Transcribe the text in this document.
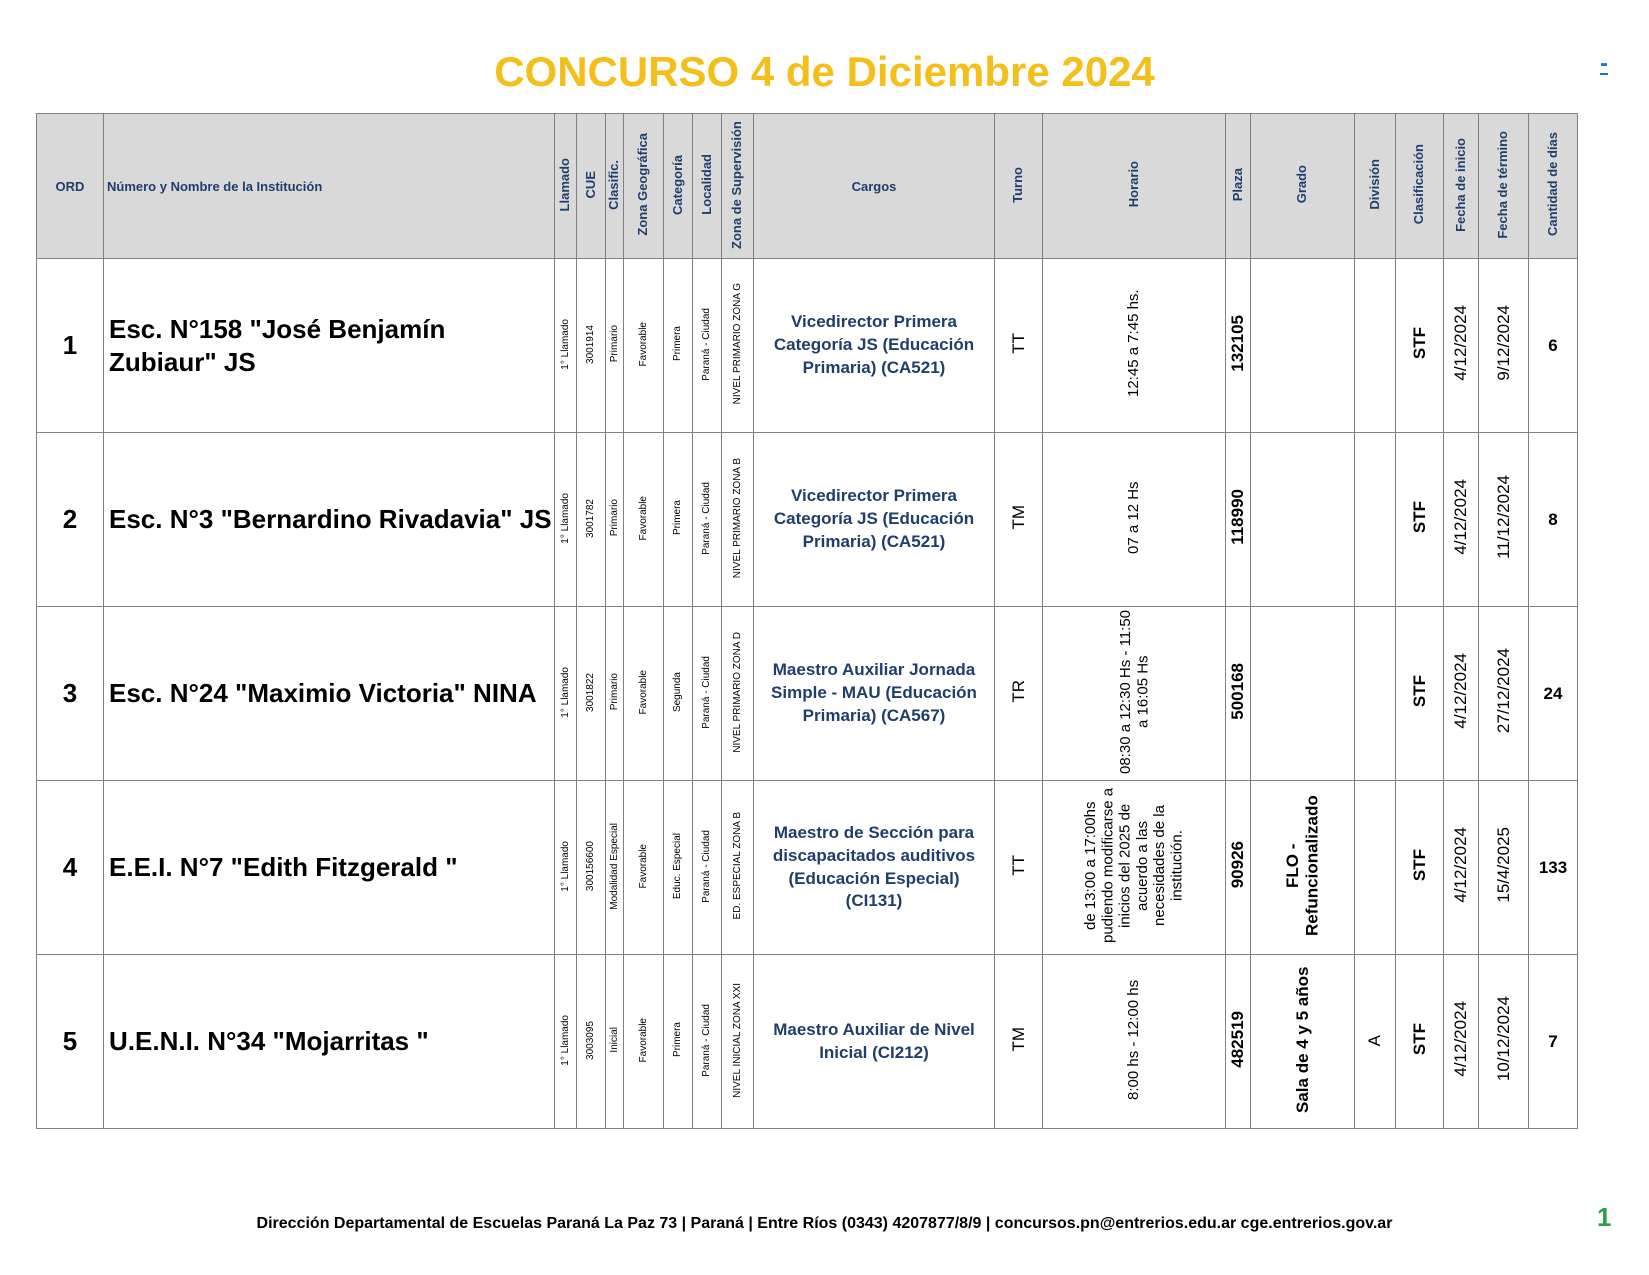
CONCURSO 4 de Diciembre 2024	-
ORD	Número y Nombre de la Institución	Llamado	CUE	Clasific.	Zona Geográfica	Categoría	Localidad	Zona de Supervisión	Cargos	Turno	Horario	Plaza	Grado	División	Clasificación	Fecha de inicio	Fecha de término	Cantidad de días
1	Esc. N°158 "José Benjamín Zubiaur" JS	1° Llamado	3001914	Primario	Favorable	Primera	Paraná - Ciudad	NIVEL PRIMARIO ZONA G	Vicedirector Primera Categoría JS (Educación Primaria) (CA521)	TT	12:45 a 7:45 hs.	132105			STF	4/12/2024	9/12/2024	6
2	Esc. N°3 "Bernardino Rivadavia" JS	1° Llamado	3001782	Primario	Favorable	Primera	Paraná - Ciudad	NIVEL PRIMARIO ZONA B	Vicedirector Primera Categoría JS (Educación Primaria) (CA521)	TM	07 a 12 Hs	118990			STF	4/12/2024	11/12/2024	8
3	Esc. N°24 "Maximio Victoria" NINA	1° Llamado	3001822	Primario	Favorable	Segunda	Paraná - Ciudad	NIVEL PRIMARIO ZONA D	Maestro Auxiliar Jornada Simple - MAU (Educación Primaria) (CA567)	TR	08:30 a 12:30 Hs - 11:50 a 16:05 Hs	500168			STF	4/12/2024	27/12/2024	24
4	E.E.I. N°7 "Edith Fitzgerald "	1° Llamado	300156600	Modalidad Especial	Favorable	Educ. Especial	Paraná - Ciudad	ED. ESPECIAL ZONA B	Maestro de Sección para discapacitados auditivos (Educación Especial) (CI131)	TT	de 13:00 a 17:00hs pudiendo modificarse a inicios del 2025 de acuerdo a las necesidades de la institución.	90926	FLO - Refuncionalizado		STF	4/12/2024	15/4/2025	133
5	U.E.N.I. N°34 "Mojarritas "	1° Llamado	3003095	Inicial	Favorable	Primera	Paraná - Ciudad	NIVEL INICIAL ZONA XXI	Maestro Auxiliar de Nivel Inicial (CI212)	TM	8:00 hs - 12:00 hs	482519	Sala de 4 y 5 años	A	STF	4/12/2024	10/12/2024	7

Dirección Departamental de Escuelas Paraná La Paz 73 | Paraná | Entre Ríos (0343) 4207877/8/9 | concursos.pn@entrerios.edu.ar cge.entrerios.gov.ar	1
